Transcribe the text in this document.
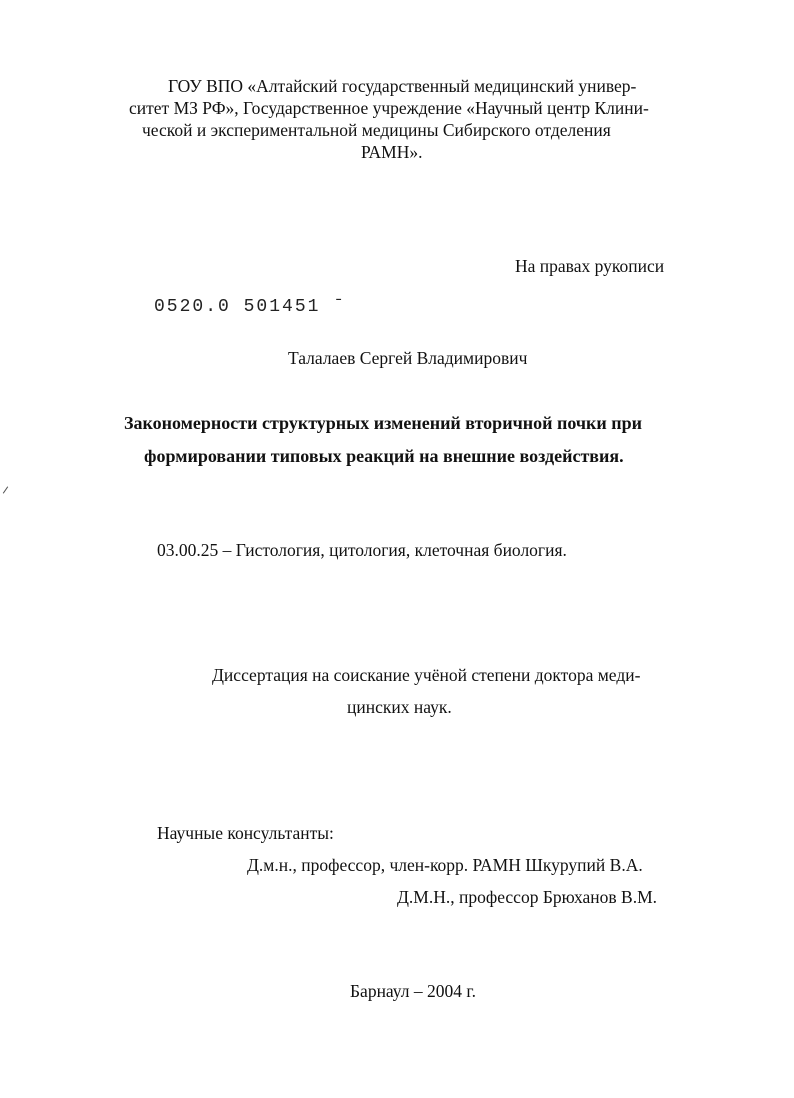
ГОУ ВПО «Алтайский государственный медицинский универ-
ситет МЗ РФ», Государственное учреждение «Научный центр Клини-
ческой и экспериментальной медицины Сибирского отделения
РАМН».
На правах рукописи
0520.0 501451 ˉ
Талалаев Сергей Владимирович
Закономерности структурных изменений вторичной почки при
формировании типовых реакций на внешние воздействия.
03.00.25 – Гистология, цитология, клеточная биология.
Диссертация на соискание учёной степени доктора меди-
цинских наук.
Научные консультанты:
Д.м.н., профессор, член-корр. РАМН Шкурупий В.А.
Д.М.Н., профессор Брюханов В.М.
Барнаул – 2004 г.
